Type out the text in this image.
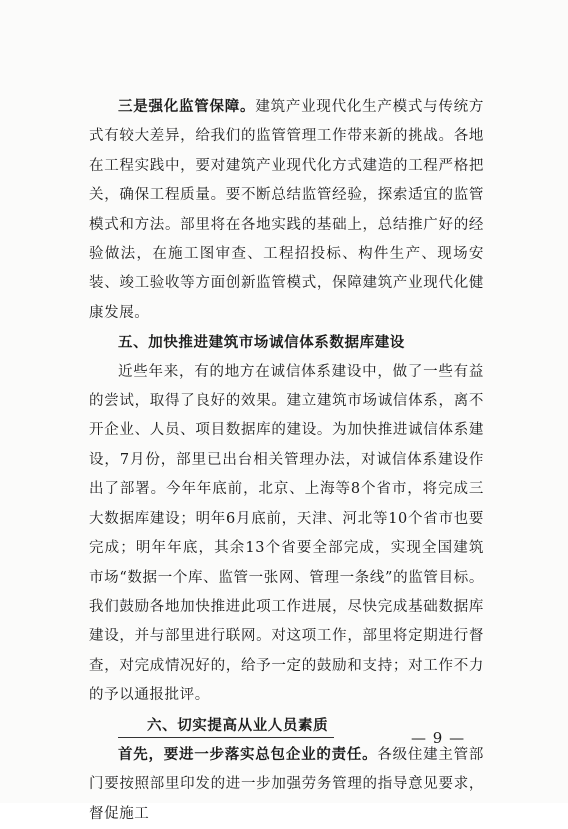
三是强化监管保障。建筑产业现代化生产模式与传统方式有较大差异，给我们的监管管理工作带来新的挑战。各地在工程实践中，要对建筑产业现代化方式建造的工程严格把关，确保工程质量。要不断总结监管经验，探索适宜的监管模式和方法。部里将在各地实践的基础上，总结推广好的经验做法，在施工图审查、工程招投标、构件生产、现场安装、竣工验收等方面创新监管模式，保障建筑产业现代化健康发展。

五、加快推进建筑市场诚信体系数据库建设

近些年来，有的地方在诚信体系建设中，做了一些有益的尝试，取得了良好的效果。建立建筑市场诚信体系，离不开企业、人员、项目数据库的建设。为加快推进诚信体系建设，7月份，部里已出台相关管理办法，对诚信体系建设作出了部署。今年年底前，北京、上海等8个省市，将完成三大数据库建设；明年6月底前，天津、河北等10个省市也要完成；明年年底，其余13个省要全部完成，实现全国建筑市场“数据一个库、监管一张网、管理一条线”的监管目标。我们鼓励各地加快推进此项工作进展，尽快完成基础数据库建设，并与部里进行联网。对这项工作，部里将定期进行督查，对完成情况好的，给予一定的鼓励和支持；对工作不力的予以通报批评。

六、切实提高从业人员素质

首先，要进一步落实总包企业的责任。各级住建主管部门要按照部里印发的进一步加强劳务管理的指导意见要求，督促施工

— 9 —
